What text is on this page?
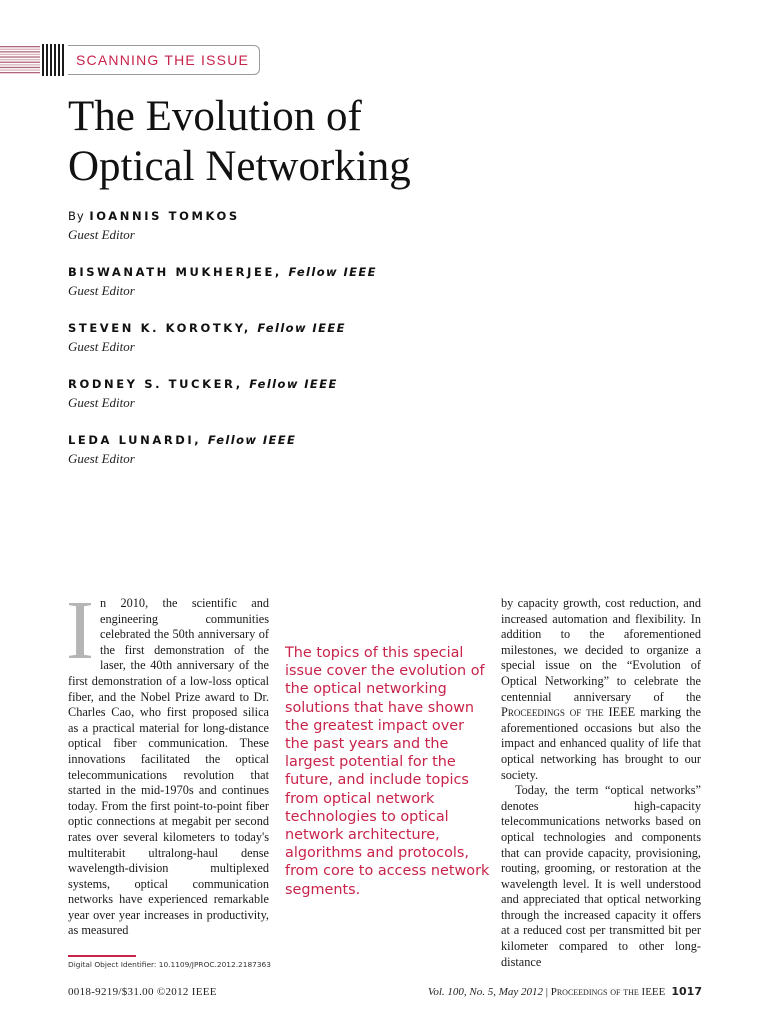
SCANNING THE ISSUE
The Evolution of
Optical Networking
By IOANNIS TOMKOS
Guest Editor
BISWANATH MUKHERJEE, Fellow IEEE
Guest Editor
STEVEN K. KOROTKY, Fellow IEEE
Guest Editor
RODNEY S. TUCKER, Fellow IEEE
Guest Editor
LEDA LUNARDI, Fellow IEEE
Guest Editor
I n 2010, the scientific and engineering communities celebrated the 50th anniversary of the first demonstration of the laser, the 40th anniversary of the first demonstration of a low-loss optical fiber, and the Nobel Prize award to Dr. Charles Cao, who first proposed silica as a practical material for long-distance optical fiber communication. These innovations facilitated the optical telecommunications revolution that started in the mid-1970s and continues today. From the first point-to-point fiber optic connections at megabit per second rates over several kilometers to today's multiterabit ultralong-haul dense wavelength-division multiplexed systems, optical communication networks have experienced remarkable year over year increases in productivity, as measured

The topics of this special issue cover the evolution of the optical networking solutions that have shown the greatest impact over the past years and the largest potential for the future, and include topics from optical network technologies to optical network architecture, algorithms and protocols, from core to access network segments.

by capacity growth, cost reduction, and increased automation and flexibility. In addition to the aforementioned milestones, we decided to organize a special issue on the “Evolution of Optical Networking” to celebrate the centennial anniversary of the Proceedings of the IEEE marking the aforementioned occasions but also the impact and enhanced quality of life that optical networking has brought to our society.

Today, the term “optical networks” denotes high-capacity telecommunications networks based on optical technologies and components that can provide capacity, provisioning, routing, grooming, or restoration at the wavelength level. It is well understood and appreciated that optical networking through the increased capacity it offers at a reduced cost per transmitted bit per kilometer compared to other long-distance

Digital Object Identifier: 10.1109/JPROC.2012.2187363
0018-9219/$31.00 ©2012 IEEE	Vol. 100, No. 5, May 2012 | Proceedings of the IEEE 1017
